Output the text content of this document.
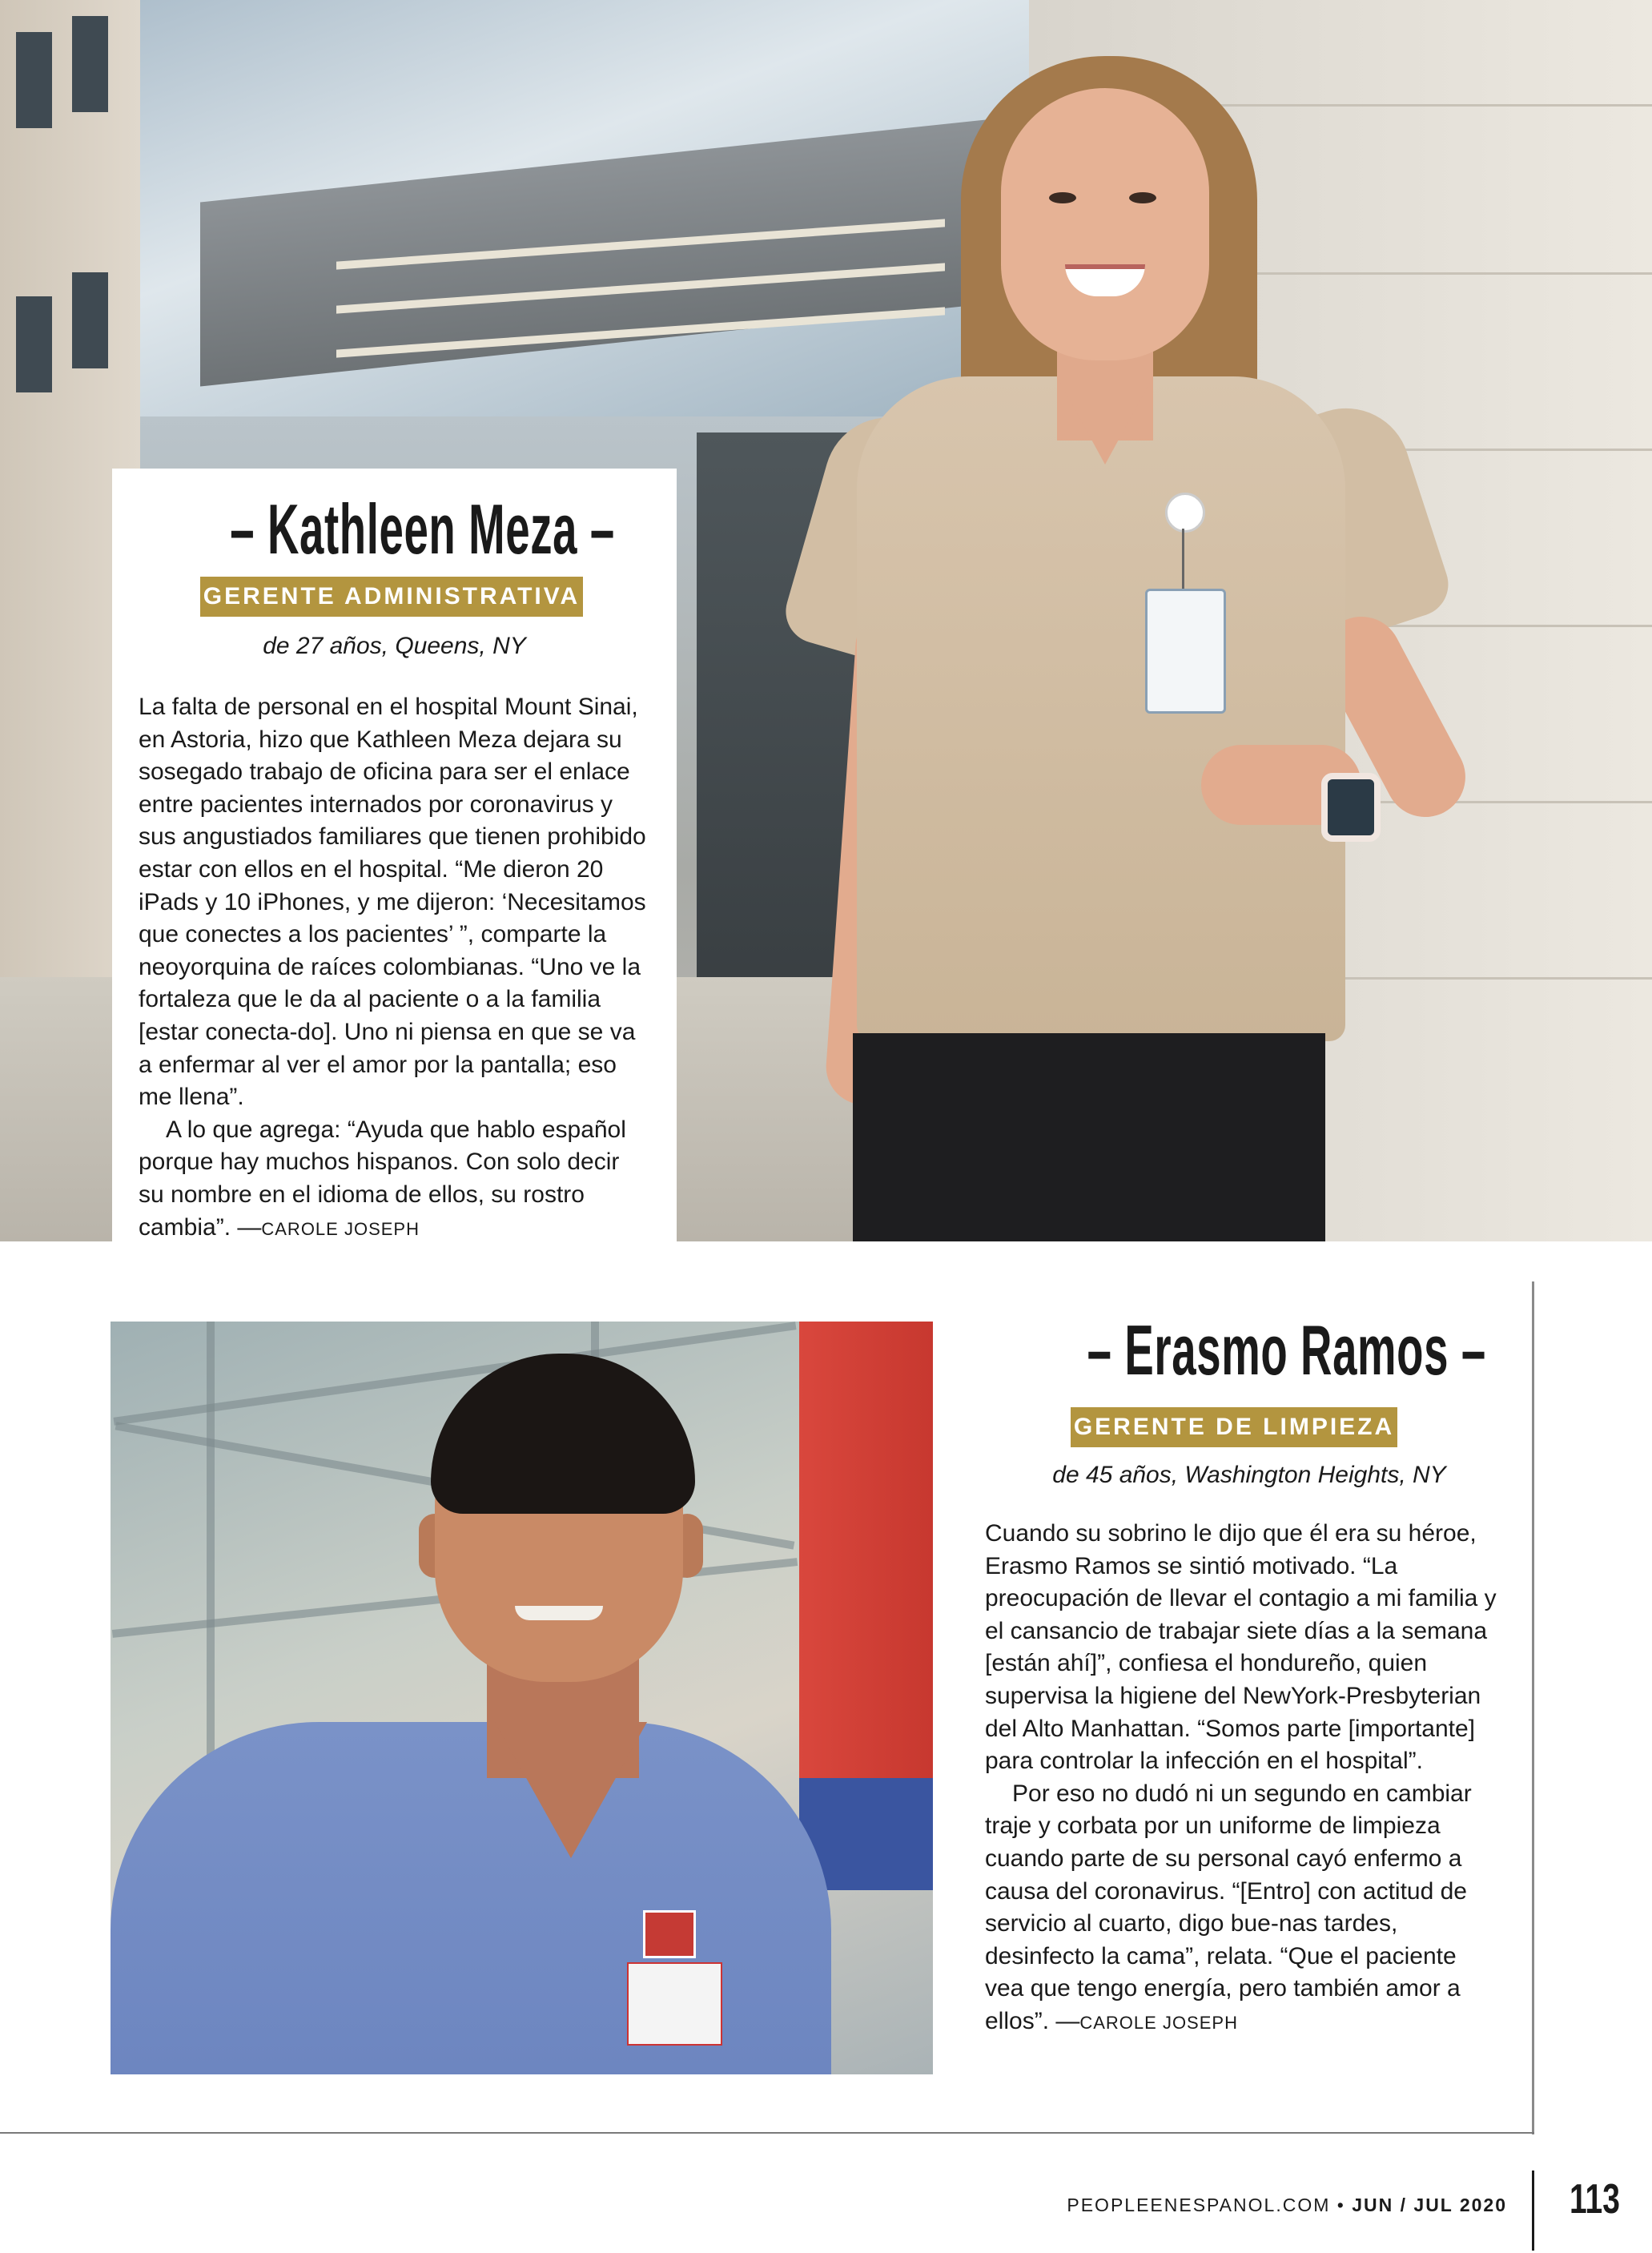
– Kathleen Meza –
GERENTE ADMINISTRATIVA
de 27 años, Queens, NY

La falta de personal en el hospital Mount Sinai, en Astoria, hizo que Kathleen Meza dejara su sosegado trabajo de oficina para ser el enlace entre pacientes internados por coronavirus y sus angustiados familiares que tienen prohibido estar con ellos en el hospital. “Me dieron 20 iPads y 10 iPhones, y me dijeron: ‘Necesitamos que conectes a los pacientes’ ”, comparte la neoyorquina de raíces colombianas. “Uno ve la fortaleza que le da al paciente o a la familia [estar conecta-do]. Uno ni piensa en que se va a enfermar al ver el amor por la pantalla; eso me llena”.

A lo que agrega: “Ayuda que hablo español porque hay muchos hispanos. Con solo decir su nombre en el idioma de ellos, su rostro cambia”. —CAROLE JOSEPH

– Erasmo Ramos –
GERENTE DE LIMPIEZA
de 45 años, Washington Heights, NY

Cuando su sobrino le dijo que él era su héroe, Erasmo Ramos se sintió motivado. “La preocupación de llevar el contagio a mi familia y el cansancio de trabajar siete días a la semana [están ahí]”, confiesa el hondureño, quien supervisa la higiene del NewYork-Presbyterian del Alto Manhattan. “Somos parte [importante] para controlar la infección en el hospital”.

Por eso no dudó ni un segundo en cambiar traje y corbata por un uniforme de limpieza cuando parte de su personal cayó enfermo a causa del coronavirus. “[Entro] con actitud de servicio al cuarto, digo bue-nas tardes, desinfecto la cama”, relata. “Que el paciente vea que tengo energía, pero también amor a ellos”. —CAROLE JOSEPH

PEOPLEENESPANOL.COM • JUN / JUL 2020 113
